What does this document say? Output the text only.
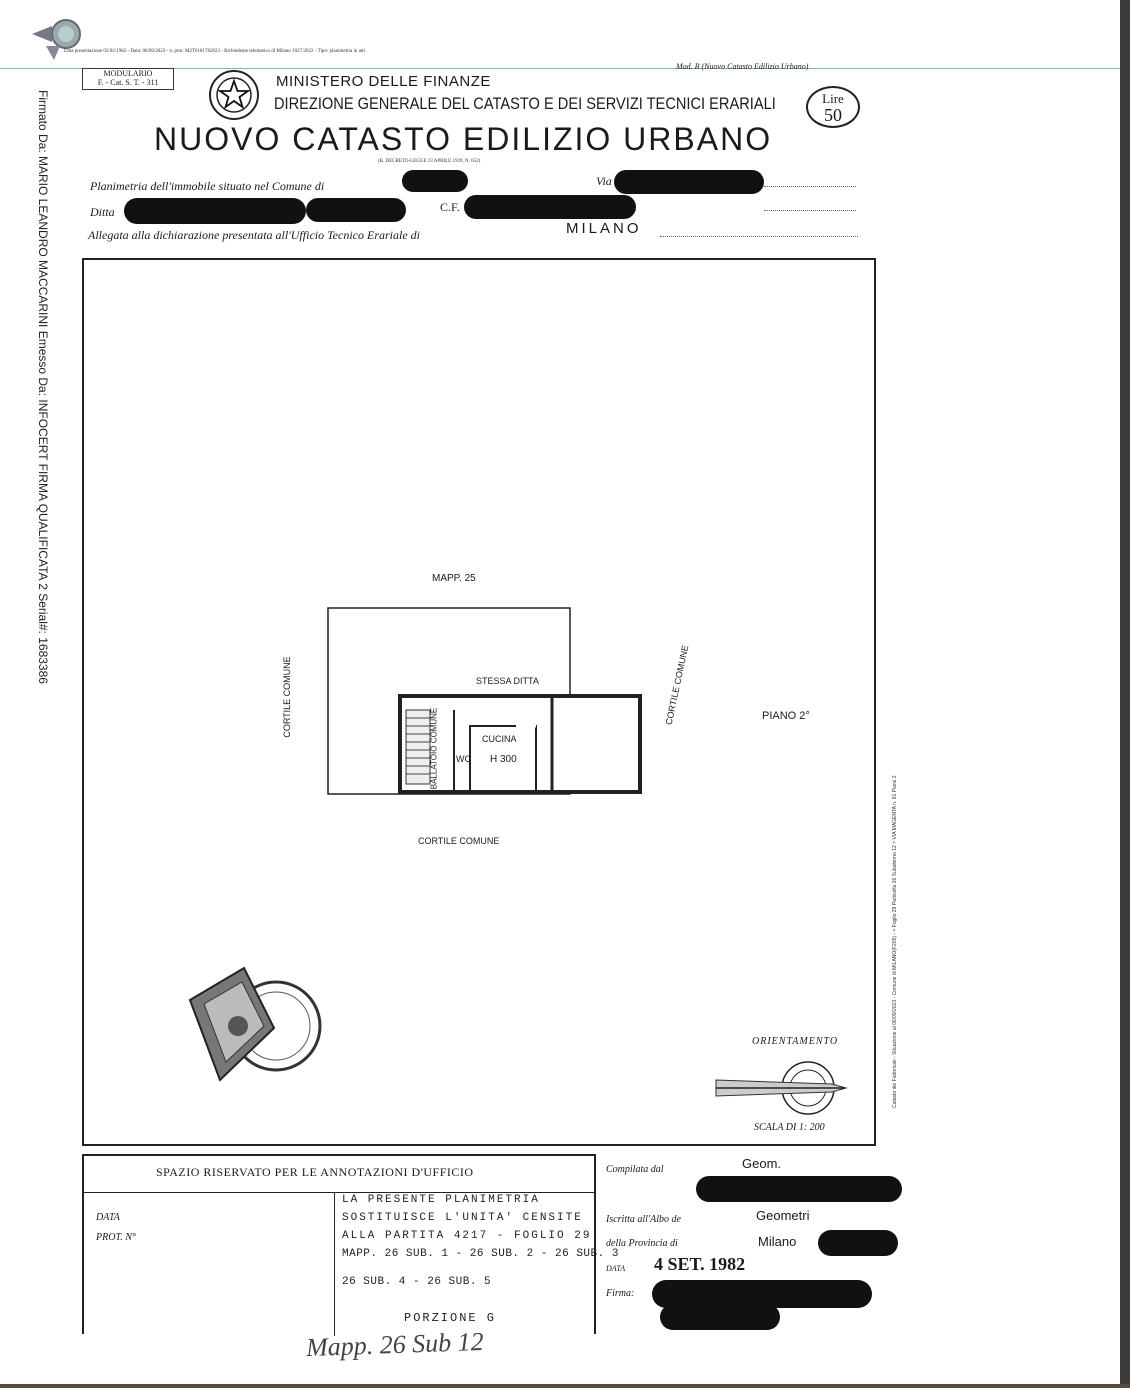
Data presentazione 02/02/1982 - Data: 06/09/2023 - n. prot. M2T0181782023 - Richiedente telematico di Milano 1027/2022 - Tipo: planimetria in atti
Firmato Da: MARIO LEANDRO MACCARINI Emesso Da: INFOCERT FIRMA QUALIFICATA 2 Serial#: 1683386
MODULARIO
F. - Cat. S. T. - 311
Mod. B (Nuovo Catasto Edilizio Urbano)
MINISTERO DELLE FINANZE
DIREZIONE GENERALE DEL CATASTO E DEI SERVIZI TECNICI ERARIALI
NUOVO CATASTO EDILIZIO URBANO
(R. DECRETO-LEGGE 13 APRILE 1939, N. 652)
Lire
50
Planimetria dell'immobile situato nel Comune di	Via
Ditta	C.F.
Allegata alla dichiarazione presentata all'Ufficio Tecnico Erariale di	MILANO
MAPP. 25
STESSA DITTA
CUCINA
H 300
WC
PIANO 2°
CORTILE COMUNE
CORTILE COMUNE	CORTILE COMUNE
BALLATOIO COMUNE
ORIENTAMENTO
SCALA DI 1: 200
Catasto dei Fabbricati - Situazione al 06/09/2023 - Comune di MILANO(F205) - < Foglio 29 Particella 26 Subalterno 12 > VIA MAGENTA n. 91 Piano 2
SPAZIO RISERVATO PER LE ANNOTAZIONI D'UFFICIO
DATA
PROT. N°
LA PRESENTE PLANIMETRIA
SOSTITUISCE L'UNITA' CENSITE
ALLA PARTITA 4217 - FOGLIO 29
MAPP. 26 SUB. 1 - 26 SUB. 2 - 26 SUB. 3
26 SUB. 4 - 26 SUB. 5
PORZIONE G
Compilata dal	Geom.
Iscritta all'Albo de	Geometri
della Provincia di	Milano
DATA 4 SET. 1982
Firma:
Mapp. 26 Sub 12
